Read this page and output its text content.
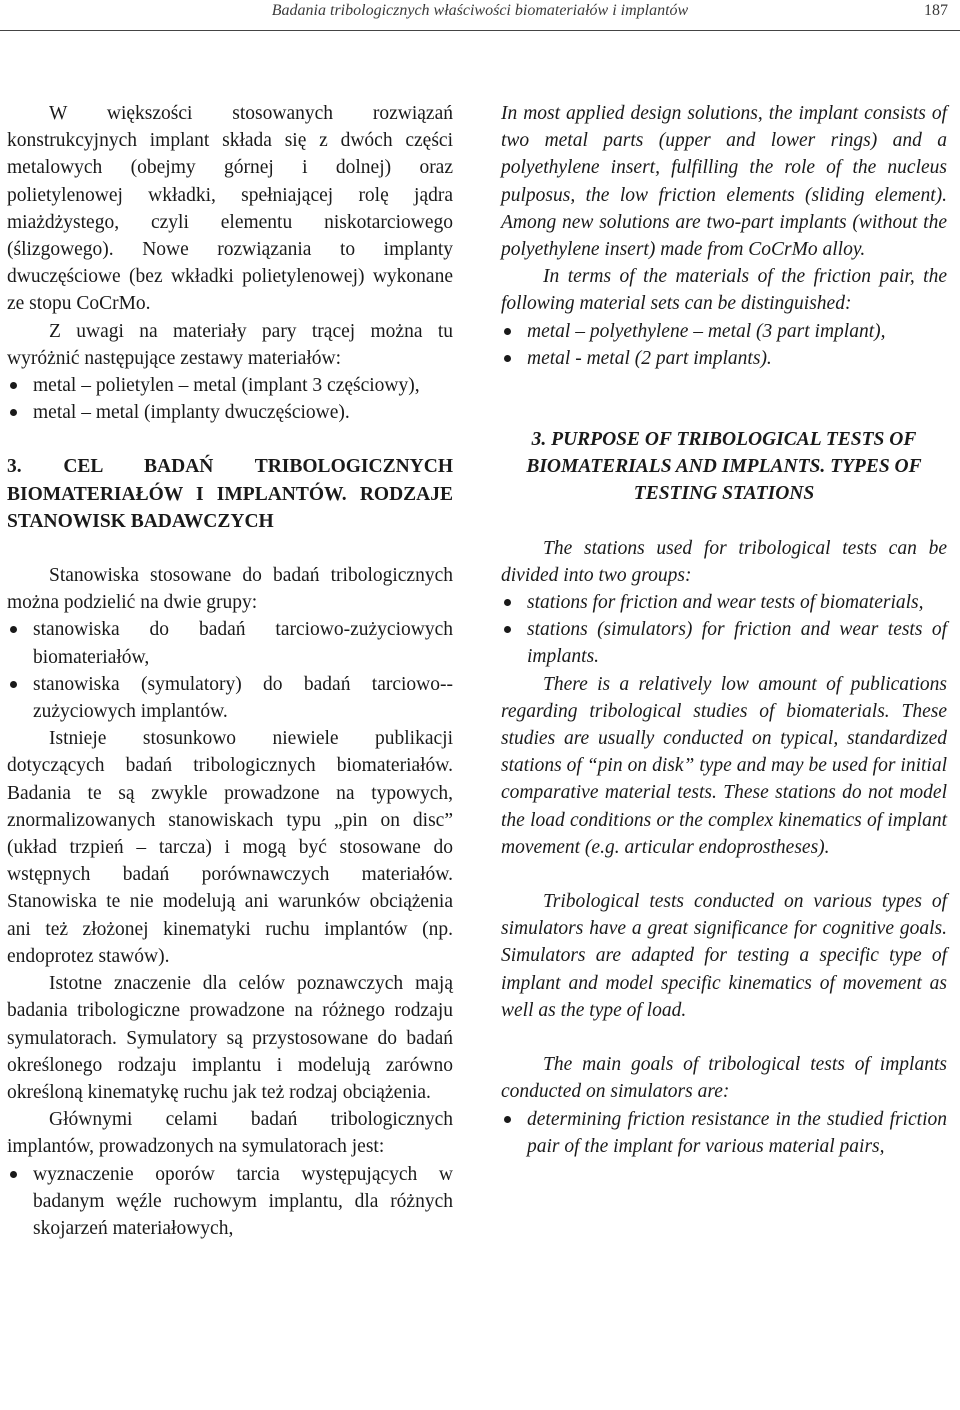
Badania tribologicznych właściwości biomateriałów i implantów	187

W większości stosowanych rozwiązań konstrukcyjnych implant składa się z dwóch części metalowych (obejmy górnej i dolnej) oraz polietylenowej wkładki, spełniającej rolę jądra miażdżystego, czyli elementu niskotarciowego (ślizgowego). Nowe rozwiązania to implanty dwuczęściowe (bez wkładki polietylenowej) wykonane ze stopu CoCrMo.

Z uwagi na materiały pary trącej można tu wyróżnić następujące zestawy materiałów:

metal – polietylen – metal (implant 3 częściowy),
metal – metal (implanty dwuczęściowe).
3. CEL BADAŃ TRIBOLOGICZNYCH BIOMATERIAŁÓW I IMPLANTÓW. RODZAJE STANOWISK BADAWCZYCH

Stanowiska stosowane do badań tribologicznych można podzielić na dwie grupy:

stanowiska do badań tarciowo-zużyciowych biomateriałów,
stanowiska (symulatory) do badań tarciowo--zużyciowych implantów.

Istnieje stosunkowo niewiele publikacji dotyczących badań tribologicznych biomateriałów. Badania te są zwykle prowadzone na typowych, znormalizowanych stanowiskach typu „pin on disc” (układ trzpień – tarcza) i mogą być stosowane do wstępnych badań porównawczych materiałów. Stanowiska te nie modelują ani warunków obciążenia ani też złożonej kinematyki ruchu implantów (np. endoprotez stawów).

Istotne znaczenie dla celów poznawczych mają badania tribologiczne prowadzone na różnego rodzaju symulatorach. Symulatory są przystosowane do badań określonego rodzaju implantu i modelują zarówno określoną kinematykę ruchu jak też rodzaj obciążenia.

Głównymi celami badań tribologicznych implantów, prowadzonych na symulatorach jest:

wyznaczenie oporów tarcia występujących w badanym węźle ruchowym implantu, dla różnych skojarzeń materiałowych,

In most applied design solutions, the implant consists of two metal parts (upper and lower rings) and a polyethylene insert, fulfilling the role of the nucleus pulposus, the low friction elements (sliding element). Among new solutions are two-part implants (without the polyethylene insert) made from CoCrMo alloy.

In terms of the materials of the friction pair, the following material sets can be distinguished:

metal – polyethylene – metal (3 part implant),
metal - metal (2 part implants).
3. PURPOSE OF TRIBOLOGICAL TESTS OF BIOMATERIALS AND IMPLANTS. TYPES OF TESTING STATIONS

The stations used for tribological tests can be divided into two groups:

stations for friction and wear tests of biomaterials,
stations (simulators) for friction and wear tests of implants.

There is a relatively low amount of publications regarding tribological studies of biomaterials. These studies are usually conducted on typical, standardized stations of “pin on disk” type and may be used for initial comparative material tests. These stations do not model the load conditions or the complex kinematics of implant movement (e.g. articular endoprostheses).

Tribological tests conducted on various types of simulators have a great significance for cognitive goals. Simulators are adapted for testing a specific type of implant and model specific kinematics of movement as well as the type of load.

The main goals of tribological tests of implants conducted on simulators are:

determining friction resistance in the studied friction pair of the implant for various material pairs,
